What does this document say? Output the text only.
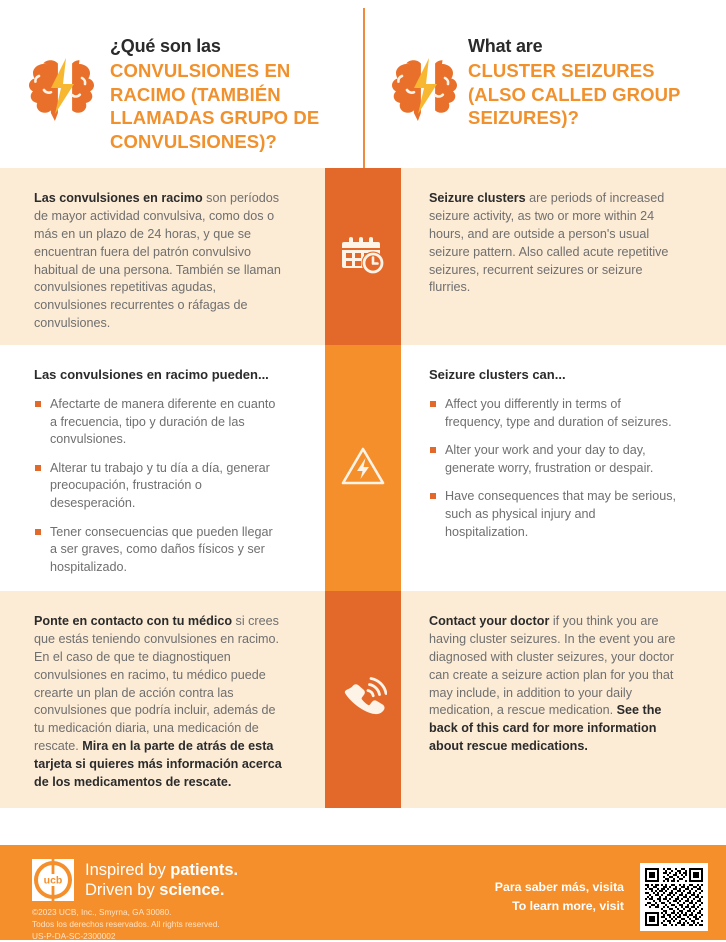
¿Qué son las
CONVULSIONES EN RACIMO (TAMBIÉN LLAMADAS GRUPO DE CONVULSIONES)?
What are
CLUSTER SEIZURES (ALSO CALLED GROUP SEIZURES)?

Las convulsiones en racimo son períodos de mayor actividad convulsiva, como dos o más en un plazo de 24 horas, y que se encuentran fuera del patrón convulsivo habitual de una persona. También se llaman convulsiones repetitivas agudas, convulsiones recurrentes o ráfagas de convulsiones.

Seizure clusters are periods of increased seizure activity, as two or more within 24 hours, and are outside a person's usual seizure pattern. Also called acute repetitive seizures, recurrent seizures or seizure flurries.

Las convulsiones en racimo pueden...
Afectarte de manera diferente en cuanto a frecuencia, tipo y duración de las convulsiones.
Alterar tu trabajo y tu día a día, generar preocupación, frustración o desesperación.
Tener consecuencias que pueden llegar a ser graves, como daños físicos y ser hospitalizado.
Seizure clusters can...
Affect you differently in terms of frequency, type and duration of seizures.
Alter your work and your day to day, generate worry, frustration or despair.
Have consequences that may be serious, such as physical injury and hospitalization.

Ponte en contacto con tu médico si crees que estás teniendo convulsiones en racimo. En el caso de que te diagnostiquen convulsiones en racimo, tu médico puede crearte un plan de acción contra las convulsiones que podría incluir, además de tu medicación diaria, una medicación de rescate. Mira en la parte de atrás de esta tarjeta si quieres más información acerca de los medicamentos de rescate.

Contact your doctor if you think you are having cluster seizures. In the event you are diagnosed with cluster seizures, your doctor can create a seizure action plan for you that may include, in addition to your daily medication, a rescue medication. See the back of this card for more information about rescue medications.

ucb
Inspired by patients.
Driven by science.
©2023 UCB, Inc., Smyrna, GA 30080.
Todos los derechos reservados. All rights reserved.
US-P-DA-SC-2300002
Para saber más, visita
To learn more, visit
